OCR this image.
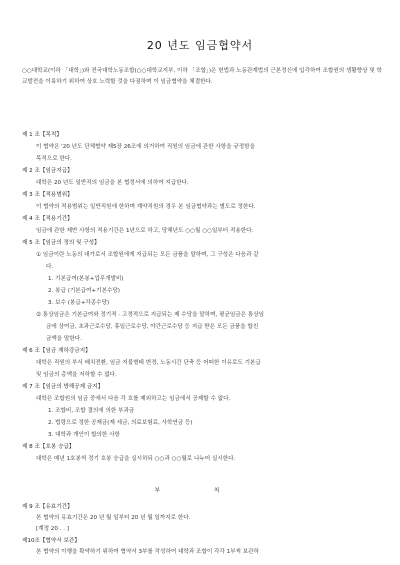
20 년도 임금협약서
○○대학교(이하 「대학」)와 전국대학노동조합(○○대학교지부, 이하 「조합」)은 헌법과 노동관계법의 근본정신에 입각하여 조합원의 생활향상 및 학교발전을 이룩하기 위하여 상호 노력할 것을 다짐하며 이 임금협약을 체결한다.
제 1 조【목적】
이 협약은 '20 년도 단체협약 제5장 26조에 의거하여 직원의 임금에 관한 사항을 규정함을
목적으로 한다.
제 2 조【임금지급】
대학은 20 년도 일반직의 임금을 본 협정서에 의하여 지급한다.
제 3 조【적용범위】
이 협약의 적용범위는 일반직원에 한하며 계약직원의 경우 본 임금협약과는 별도로 정한다.
제 4 조【적용기간】
임금에 관한 제반 사항의 적용기간은 1년으로 하고, 당해년도 ○○월 ○○일부터 적용한다.
제 5 조【임금의 정의 및 구성】
① 임금이란 노동의 대가로서 조합원에게 지급되는 모든 금품을 말하며, 그 구성은 다음과 같
다.
1. 기본급여(본봉+업무개발비)
2. 봉급 (기본급여+기본수당)
3. 보수 (봉급+각종수당)
② 통상임금은 기본급여와 정기적 · 고정적으로 지급되는 제 수당을 말하며, 평균임금은 통상임
금에 상여금, 초과근로수당, 휴일근로수당, 야간근로수당 등 지급 받은 모든 금품을 합친
금액을 말한다.
제 6 조【임금 재하강금지】
대학은 직원의 부서 배치전환, 임금 지불형태 변경, 노동시간 단축 등 어떠한 이유로도 기본급
및 임금의 총액을 저하할 수 없다.
제 7 조【임금의 방해공제 금지】
대학은 조합원의 임금 중에서 다음 각 호를 제외하고는 임금에서 공제할 수 없다.
1. 조합비, 조합 결의에 의한 부과금
2. 법령으로 정한 공제금(제 세금, 의료보험료, 사학연금 등)
3. 대학과 개인이 합의한 사항
제 8 조【호봉 승급】
대학은 매년 1호봉씩 정기 호봉 승급을 실시하되 ○○과 ○○월로 나누어 실시한다.
부 칙
제 9 조【유효기간】
본 협약의 유효기간은 20 년 월 일부터 20 년 월 일까지로 한다.
[계정 20 . . ]
제10조【협약서 보관】
본 협약의 이행을 확약하기 위하여 협약서 3부를 작성하여 대학과 조합이 각각 1부씩 보관하
